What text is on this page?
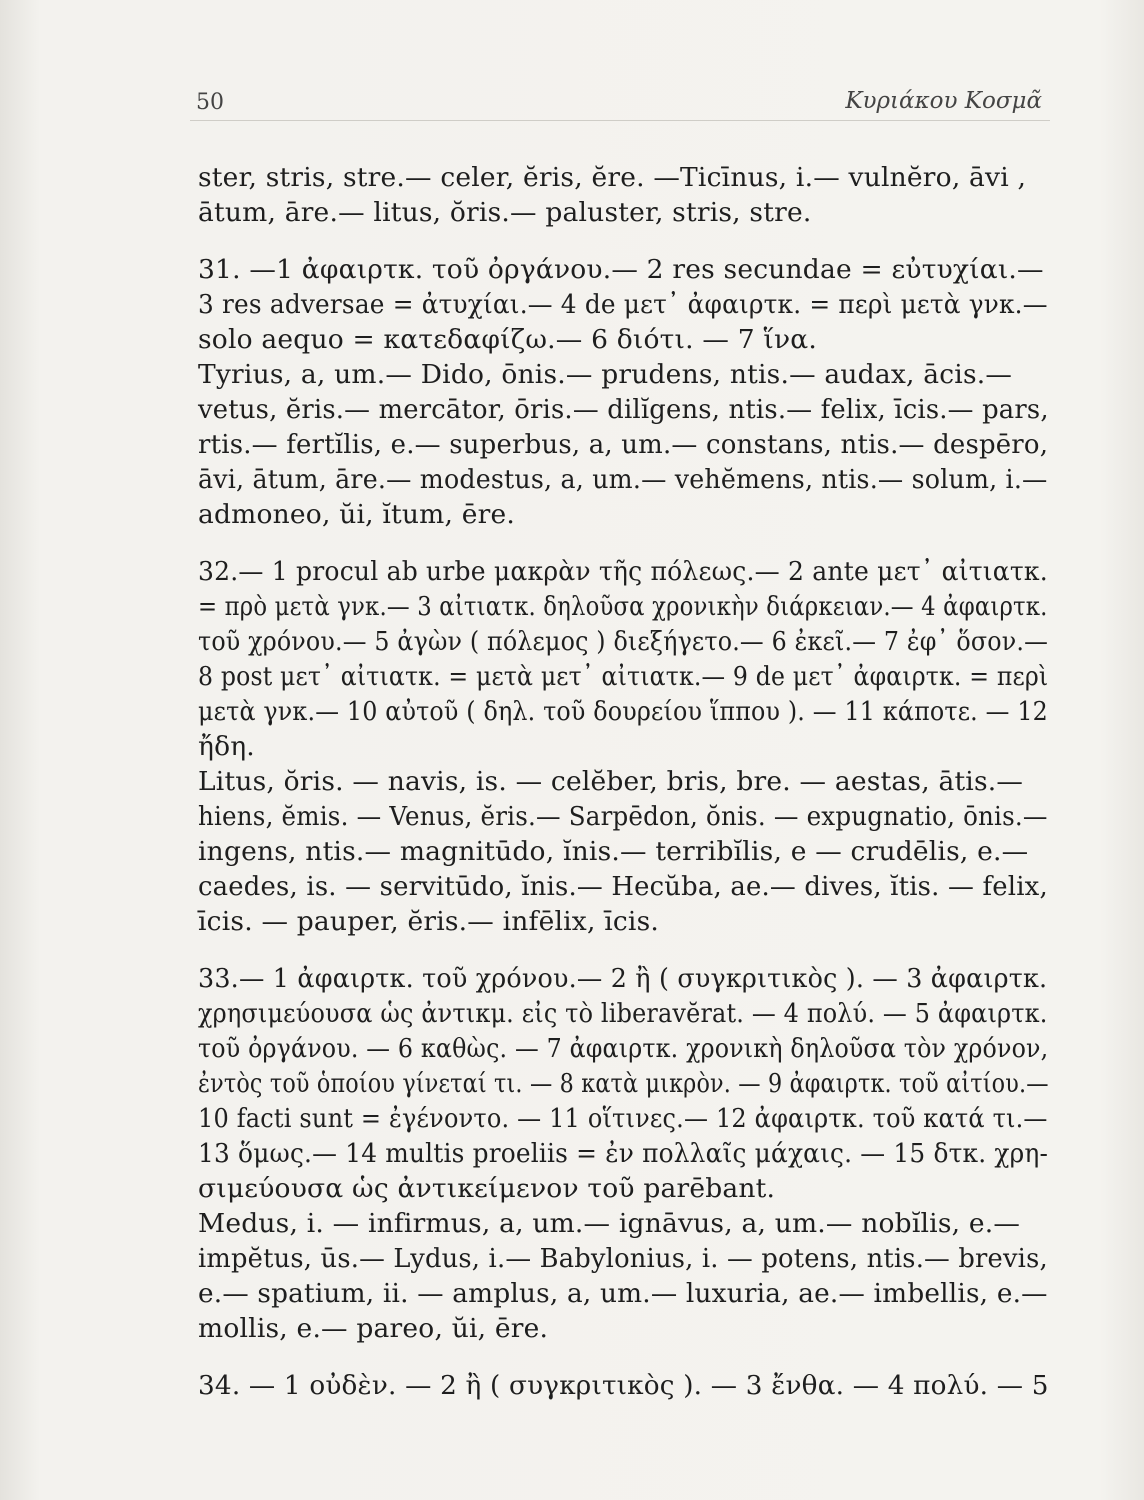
50	Κυριάκου Κοσμᾶ
ster, stris, stre.— celer, ĕris, ĕre. —Ticīnus, i.— vulnĕro, āvi ,
ātum, āre.— litus, ŏris.— paluster, stris, stre.
31. —1 ἀφαιρτκ. τοῦ ὀργάνου.— 2 res secundae = εὐτυχίαι.—
3 res adversae = ἀτυχίαι.— 4 de μετ᾽ ἀφαιρτκ. = περὶ μετὰ γνκ.—
solo aequo = κατεδαφίζω.— 6 διότι. — 7 ἵνα.
Tyrius, a, um.— Dido, ōnis.— prudens, ntis.— audax, ācis.—
vetus, ĕris.— mercātor, ōris.— dilĭgens, ntis.— felix, īcis.— pars,
rtis.— fertĭlis, e.— superbus, a, um.— constans, ntis.— despēro,
āvi, ātum, āre.— modestus, a, um.— vehĕmens, ntis.— solum, i.—
admoneo, ŭi, ĭtum, ēre.
32.— 1 procul ab urbe μακρὰν τῆς πόλεως.— 2 ante μετ᾽ αἰτιατκ.
= πρὸ μετὰ γνκ.— 3 αἰτιατκ. δηλοῦσα χρονικὴν διάρκειαν.— 4 ἀφαιρτκ.
τοῦ χρόνου.— 5 ἀγὼν ( πόλεμος ) διεξήγετο.— 6 ἐκεῖ.— 7 ἐφ᾽ ὅσον.—
8 post μετ᾽ αἰτιατκ. = μετὰ μετ᾽ αἰτιατκ.— 9 de μετ᾽ ἀφαιρτκ. = περὶ
μετὰ γνκ.— 10 αὐτοῦ ( δηλ. τοῦ δουρείου ἵππου ). — 11 κάποτε. — 12
ἤδη.
Litus, ŏris. — navis, is. — celĕber, bris, bre. — aestas, ātis.—
hiens, ĕmis. — Venus, ĕris.— Sarpēdon, ŏnis. — expugnatio, ōnis.—
ingens, ntis.— magnitūdo, ĭnis.— terribĭlis, e — crudēlis, e.—
caedes, is. — servitūdo, ĭnis.— Hecŭba, ae.— dives, ĭtis. — felix,
īcis. — pauper, ĕris.— infēlix, īcis.
33.— 1 ἀφαιρτκ. τοῦ χρόνου.— 2 ἢ ( συγκριτικὸς ). — 3 ἀφαιρτκ.
χρησιμεύουσα ὡς ἀντικμ. εἰς τὸ liberavĕrat. — 4 πολύ. — 5 ἀφαιρτκ.
τοῦ ὀργάνου. — 6 καθὼς. — 7 ἀφαιρτκ. χρονικὴ δηλοῦσα τὸν χρόνον,
ἐντὸς τοῦ ὁποίου γίνεταί τι. — 8 κατὰ μικρὸν. — 9 ἀφαιρτκ. τοῦ αἰτίου.—
10 facti sunt = ἐγένοντο. — 11 οἵτινες.— 12 ἀφαιρτκ. τοῦ κατά τι.—
13 ὅμως.— 14 multis proeliis = ἐν πολλαῖς μάχαις. — 15 δτκ. χρη-
σιμεύουσα ὡς ἀντικείμενον τοῦ parēbant.
Medus, i. — infirmus, a, um.— ignāvus, a, um.— nobĭlis, e.—
impĕtus, ūs.— Lydus, i.— Babylonius, i. — potens, ntis.— brevis,
e.— spatium, ii. — amplus, a, um.— luxuria, ae.— imbellis, e.—
mollis, e.— pareo, ŭi, ēre.
34. — 1 οὐδὲν. — 2 ἢ ( συγκριτικὸς ). — 3 ἔνθα. — 4 πολύ. — 5
